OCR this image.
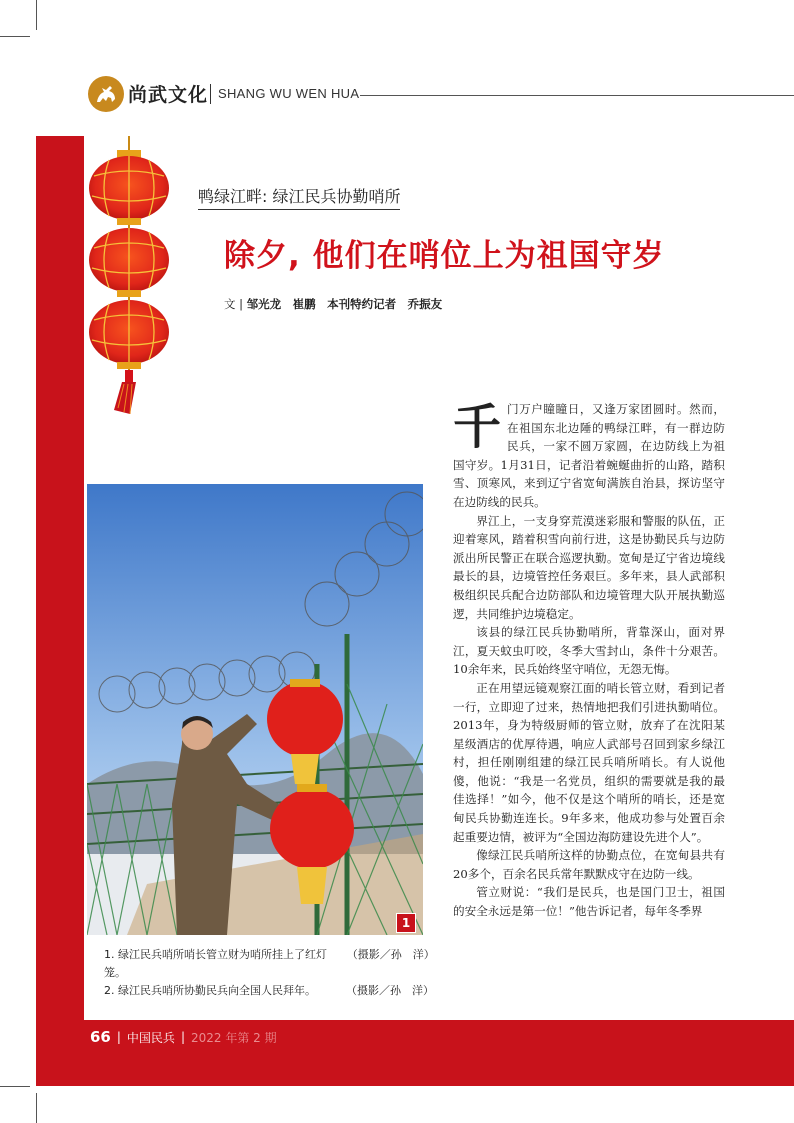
尚武文化 SHANG WU WEN HUA
鸭绿江畔: 绿江民兵协勤哨所
除夕, 他们在哨位上为祖国守岁
文 | 邹光龙　崔鹏　本刊特约记者　乔振友
1
1. 绿江民兵哨所哨长管立财为哨所挂上了红灯笼。
（摄影／孙　洋）
2. 绿江民兵哨所协勤民兵向全国人民拜年。	（摄影／孙　洋）
千 门万户瞳瞳日，又逢万家团圆时。然而，在祖国东北边陲的鸭绿江畔，有一群边防民兵，一家不圆万家圆，在边防线上为祖国守岁。1月31日，记者沿着蜿蜒曲折的山路，踏积雪、顶寒风，来到辽宁省宽甸满族自治县，探访坚守在边防线的民兵。

界江上，一支身穿荒漠迷彩服和警服的队伍，正迎着寒风，踏着积雪向前行进，这是协勤民兵与边防派出所民警正在联合巡逻执勤。宽甸是辽宁省边境线最长的县，边境管控任务艰巨。多年来，县人武部积极组织民兵配合边防部队和边境管理大队开展执勤巡逻，共同维护边境稳定。

该县的绿江民兵协勤哨所，背靠深山，面对界江，夏天蚊虫叮咬，冬季大雪封山，条件十分艰苦。10余年来，民兵始终坚守哨位，无怨无悔。

正在用望远镜观察江面的哨长管立财，看到记者一行，立即迎了过来，热情地把我们引进执勤哨位。2013年，身为特级厨师的管立财，放弃了在沈阳某星级酒店的优厚待遇，响应人武部号召回到家乡绿江村，担任刚刚组建的绿江民兵哨所哨长。有人说他傻，他说：“我是一名党员，组织的需要就是我的最佳选择！”如今，他不仅是这个哨所的哨长，还是宽甸民兵协勤连连长。9年多来，他成功参与处置百余起重要边情，被评为“全国边海防建设先进个人”。

像绿江民兵哨所这样的协勤点位，在宽甸县共有20多个，百余名民兵常年默默戍守在边防一线。

管立财说：“我们是民兵，也是国门卫士，祖国的安全永远是第一位！”他告诉记者，每年冬季界

66 | 中国民兵 | 2022 年第 2 期
